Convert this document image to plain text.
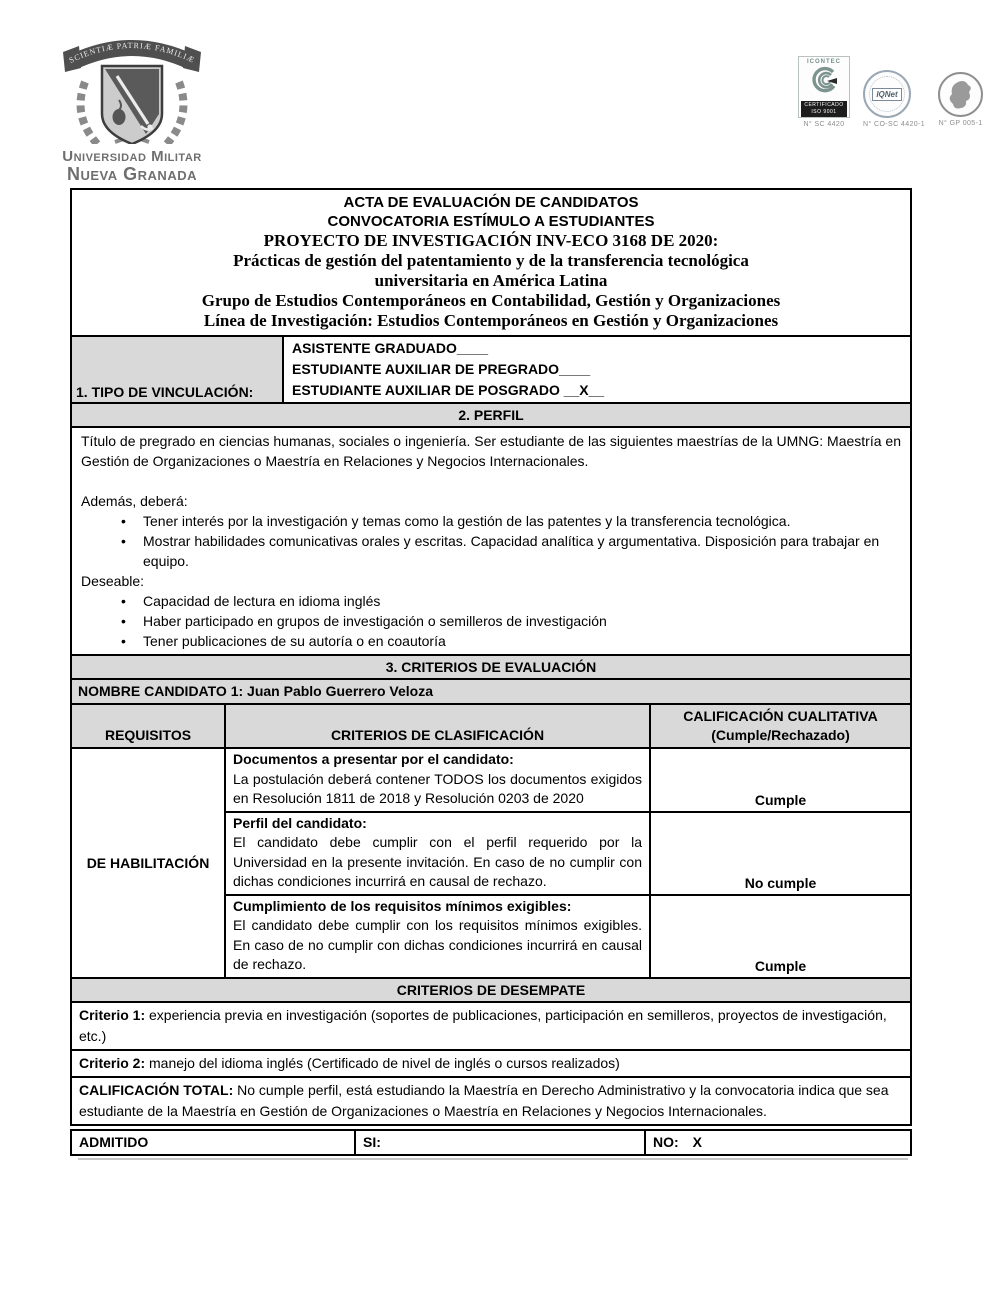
SCIENTIÆ PATRIÆ FAMILIÆ
Universidad Militar
Nueva Granada
ICONTEC
CERTIFICADO
ISO 9001
N° SC 4420
IQNet
N° CO-SC 4420-1 N° GP 005-1
ACTA DE EVALUACIÓN DE CANDIDATOS
CONVOCATORIA ESTÍMULO A ESTUDIANTES
PROYECTO DE INVESTIGACIÓN INV-ECO 3168 DE 2020:
Prácticas de gestión del patentamiento y de la transferencia tecnológica
universitaria en América Latina
Grupo de Estudios Contemporáneos en Contabilidad, Gestión y Organizaciones
Línea de Investigación: Estudios Contemporáneos en Gestión y Organizaciones
1. TIPO DE VINCULACIÓN:
ASISTENTE GRADUADO____
ESTUDIANTE AUXILIAR DE PREGRADO____
ESTUDIANTE AUXILIAR DE POSGRADO __X__
2. PERFIL
Título de pregrado en ciencias humanas, sociales o ingeniería. Ser estudiante de las siguientes maestrías de la UMNG: Maestría en Gestión de Organizaciones o Maestría en Relaciones y Negocios Internacionales.
Además, deberá:
• Tener interés por la investigación y temas como la gestión de las patentes y la transferencia tecnológica.
• Mostrar habilidades comunicativas orales y escritas. Capacidad analítica y argumentativa. Disposición para trabajar en equipo.
Deseable:
• Capacidad de lectura en idioma inglés
• Haber participado en grupos de investigación o semilleros de investigación
• Tener publicaciones de su autoría o en coautoría
3. CRITERIOS DE EVALUACIÓN
NOMBRE CANDIDATO 1: Juan Pablo Guerrero Veloza
REQUISITOS	CRITERIOS DE CLASIFICACIÓN
CALIFICACIÓN CUALITATIVA
(Cumple/Rechazado)
DE HABILITACIÓN
Documentos a presentar por el candidato:
La postulación deberá contener TODOS los documentos exigidos en Resolución 1811 de 2018 y Resolución 0203 de 2020	Cumple
Perfil del candidato:
El candidato debe cumplir con el perfil requerido por la Universidad en la presente invitación. En caso de no cumplir con dichas condiciones incurrirá en causal de rechazo.	No cumple
Cumplimiento de los requisitos mínimos exigibles:
El candidato debe cumplir con los requisitos mínimos exigibles. En caso de no cumplir con dichas condiciones incurrirá en causal de rechazo.	Cumple
CRITERIOS DE DESEMPATE
Criterio 1: experiencia previa en investigación (soportes de publicaciones, participación en semilleros, proyectos de investigación, etc.)
Criterio 2: manejo del idioma inglés (Certificado de nivel de inglés o cursos realizados)
CALIFICACIÓN TOTAL: No cumple perfil, está estudiando la Maestría en Derecho Administrativo y la convocatoria indica que sea estudiante de la Maestría en Gestión de Organizaciones o Maestría en Relaciones y Negocios Internacionales.
ADMITIDO	SI:	NO: X
